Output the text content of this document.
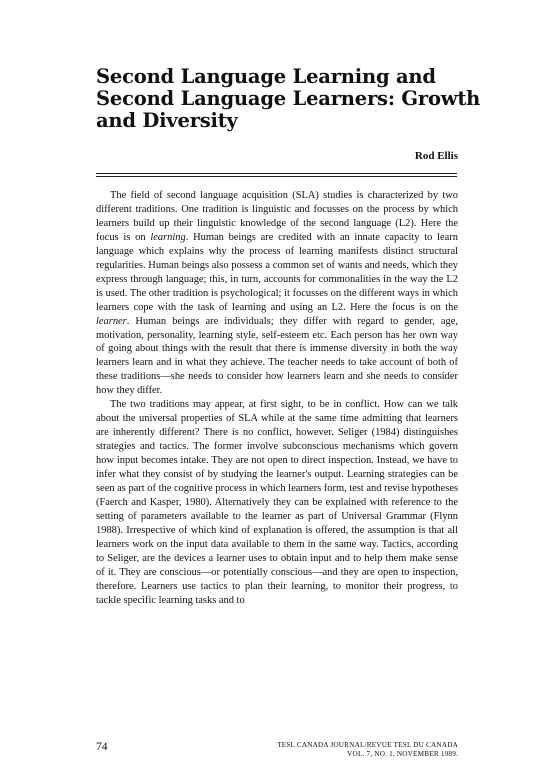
Second Language Learning and
Second Language Learners: Growth
and Diversity
Rod Ellis

The field of second language acquisition (SLA) studies is characterized by two different traditions. One tradition is linguistic and focusses on the process by which learners build up their linguistic knowledge of the second language (L2). Here the focus is on learning. Human beings are credited with an innate capacity to learn language which explains why the process of learning manifests distinct structural regularities. Human beings also possess a common set of wants and needs, which they express through language; this, in turn, accounts for commonalities in the way the L2 is used. The other tradition is psychological; it focusses on the different ways in which learners cope with the task of learning and using an L2. Here the focus is on the learner. Human beings are individuals; they differ with regard to gender, age, motivation, personality, learning style, self-esteem etc. Each person has her own way of going about things with the result that there is immense diversity in both the way learners learn and in what they achieve. The teacher needs to take account of both of these traditions—she needs to consider how learners learn and she needs to consider how they differ.

The two traditions may appear, at first sight, to be in conflict. How can we talk about the universal properties of SLA while at the same time admitting that learners are inherently different? There is no conflict, however. Seliger (1984) distinguishes strategies and tactics. The former involve subconscious mechanisms which govern how input becomes intake. They are not open to direct inspection. Instead, we have to infer what they consist of by studying the learner's output. Learning strategies can be seen as part of the cognitive process in which learners form, test and revise hypotheses (Faerch and Kasper, 1980). Alternatively they can be explained with reference to the setting of parameters available to the learner as part of Universal Grammar (Flynn 1988). Irrespective of which kind of explanation is offered, the assumption is that all learners work on the input data available to them in the same way. Tactics, according to Seliger, are the devices a learner uses to obtain input and to help them make sense of it. They are conscious—or potentially conscious—and they are open to inspection, therefore. Learners use tactics to plan their learning, to monitor their progress, to tackle specific learning tasks and to

74	TESL CANADA JOURNAL/REVUE TESL DU CANADA
VOL. 7, NO. 1, NOVEMBER 1989.
